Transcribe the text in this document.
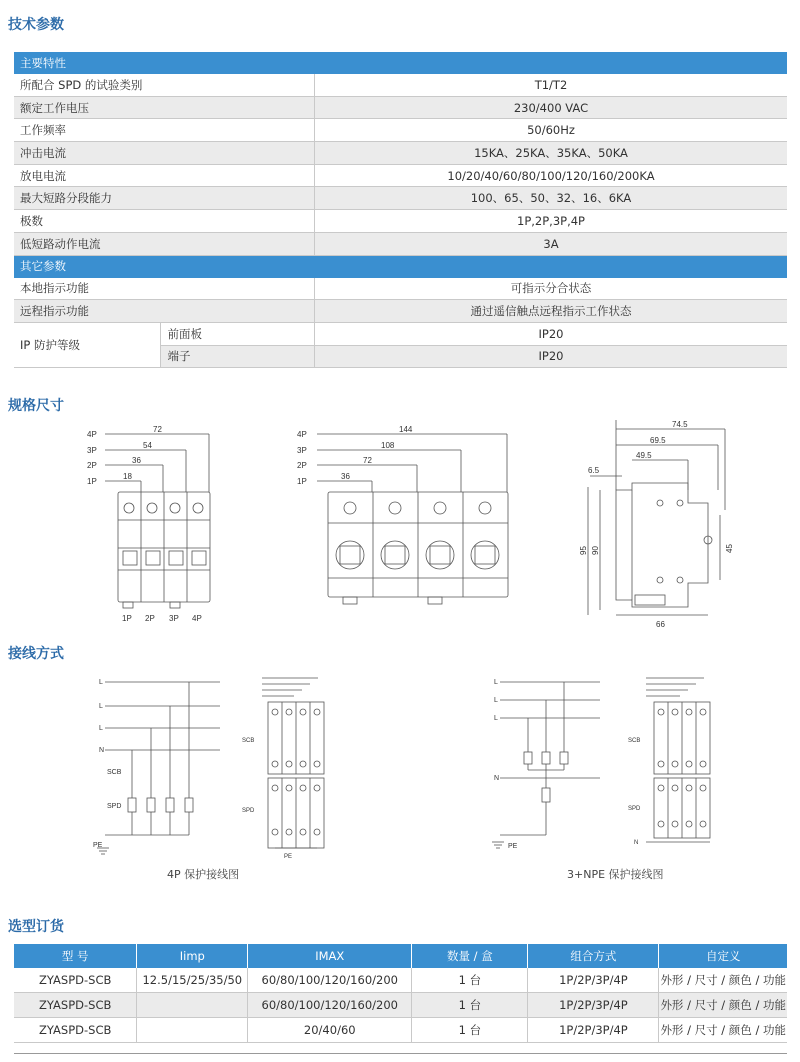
技术参数
主要特性		
所配合 SPD 的试验类别		T1/T2
额定工作电压		230/400 VAC
工作频率		50/60Hz
冲击电流		15KA、25KA、35KA、50KA
放电电流		10/20/40/60/80/100/120/160/200KA
最大短路分段能力		100、65、50、32、16、6KA
极数		1P,2P,3P,4P
低短路动作电流		3A
其它参数		
本地指示功能		可指示分合状态
远程指示功能		通过遥信触点远程指示工作状态
IP 防护等级	前面板	IP20
	端子	IP20
规格尺寸
4P
3P
2P
1P
72
54
36
18
1P 2P 3P 4P
4P
3P
2P
1P
144
108
72
36
74.5
69.5
49.5
6.5
95 90	45
66
接线方式
L
L
L
N
SCB
SPD
PE
SCB
SPD
PE
4P 保护接线图
L
L
L
N
PE
SCB
SPD
N
3+NPE 保护接线图
选型订货
型 号	Iimp	IMAX	数量 / 盒	组合方式	自定义
ZYASPD-SCB	12.5/15/25/35/50	60/80/100/120/160/200	1 台	1P/2P/3P/4P	外形 / 尺寸 / 颜色 / 功能
ZYASPD-SCB		60/80/100/120/160/200	1 台	1P/2P/3P/4P	外形 / 尺寸 / 颜色 / 功能
ZYASPD-SCB		20/40/60	1 台	1P/2P/3P/4P	外形 / 尺寸 / 颜色 / 功能
